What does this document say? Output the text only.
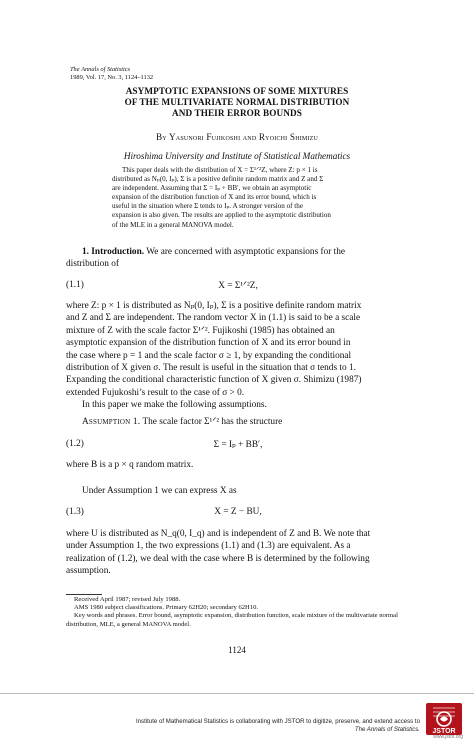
The Annals of Statistics
1989, Vol. 17, No. 3, 1124–1132
ASYMPTOTIC EXPANSIONS OF SOME MIXTURES
OF THE MULTIVARIATE NORMAL DISTRIBUTION
AND THEIR ERROR BOUNDS
By Yasunori Fujikoshi and Ryoichi Shimizu
Hiroshima University and Institute of Statistical Mathematics
This paper deals with the distribution of X = Σ¹ᐟ²Z, where Z: p × 1 is
distributed as Nₚ(0, Iₚ), Σ is a positive definite random matrix and Z and Σ
are independent. Assuming that Σ = Iₚ + BB′, we obtain an asymptotic
expansion of the distribution function of X and its error bound, which is
useful in the situation where Σ tends to Iₚ. A stronger version of the
expansion is also given. The results are applied to the asymptotic distribution
of the MLE in a general MANOVA model.
1. Introduction. We are concerned with asymptotic expansions for the
distribution of
(1.1)	X = Σ¹ᐟ²Z,
where Z: p × 1 is distributed as Nₚ(0, Iₚ), Σ is a positive definite random matrix
and Z and Σ are independent. The random vector X in (1.1) is said to be a scale
mixture of Z with the scale factor Σ¹ᐟ². Fujikoshi (1985) has obtained an
asymptotic expansion of the distribution function of X and its error bound in
the case where p = 1 and the scale factor σ ≥ 1, by expanding the conditional
distribution of X given σ. The result is useful in the situation that σ tends to 1.
Expanding the conditional characteristic function of X given σ. Shimizu (1987)
extended Fujukoshi’s result to the case of σ > 0.
In this paper we make the following assumptions.
Assumption 1. The scale factor Σ¹ᐟ² has the structure
(1.2)	Σ = Iₚ + BB′,
where B is a p × q random matrix.
Under Assumption 1 we can express X as
(1.3)	X = Z − BU,
where U is distributed as N_q(0, I_q) and is independent of Z and B. We note that
under Assumption 1, the two expressions (1.1) and (1.3) are equivalent. As a
realization of (1.2), we deal with the case where B is determined by the following
assumption.

Received April 1987; revised July 1988.

AMS 1980 subject classifications. Primary 62H20; secondary 62H10.

Key words and phrases. Error bound, asymptotic expansion, distribution function, scale mixture of the multivariate normal distribution, MLE, a general MANOVA model.

1124
Institute of Mathematical Statistics is collaborating with JSTOR to digitize, preserve, and extend access to
The Annals of Statistics. JSTOR
www.jstor.org
